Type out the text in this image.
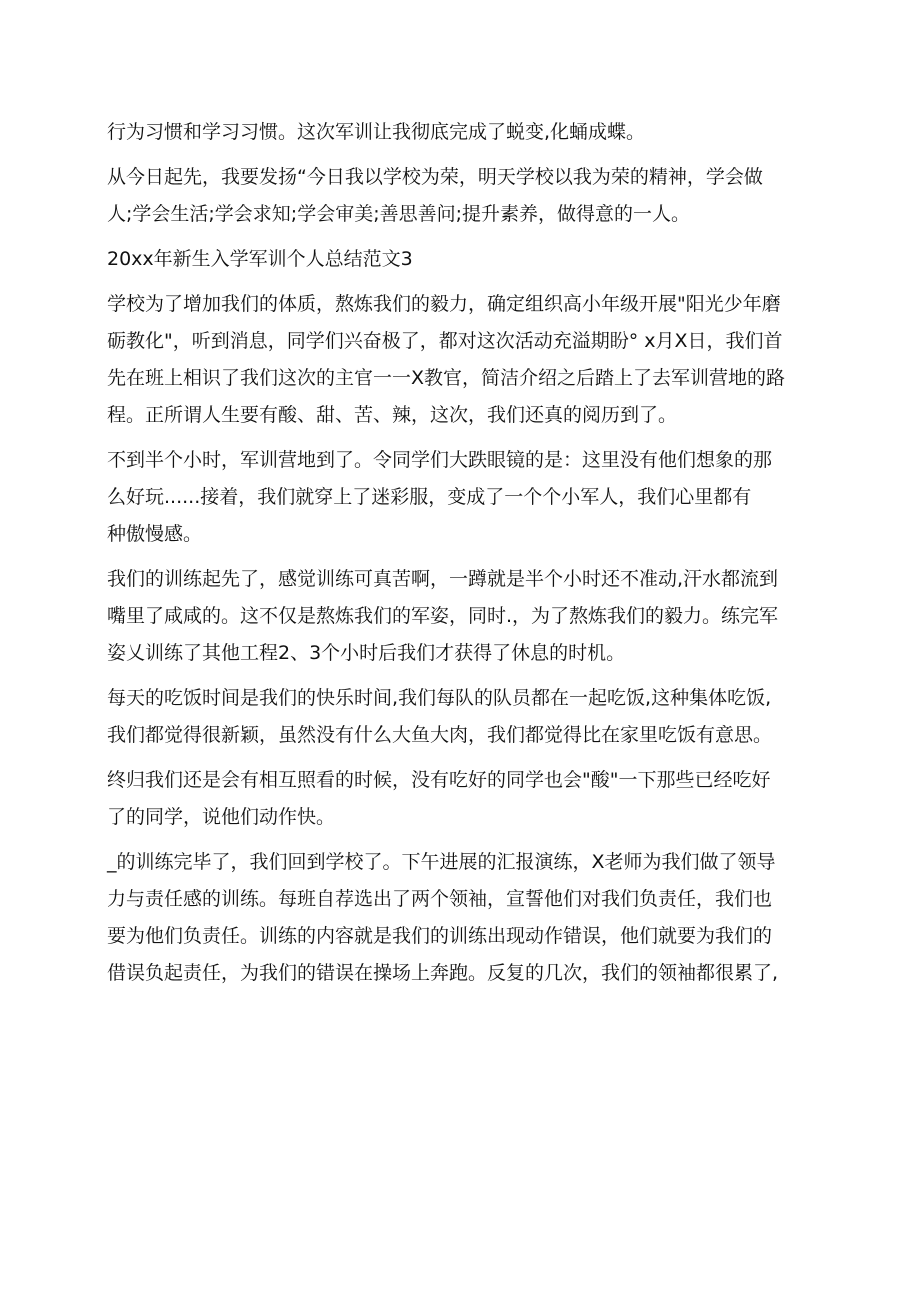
行为习惯和学习习惯。这次军训让我彻底完成了蜕变,化蛹成蝶。
从今日起先，我要发扬“今日我以学校为荣，明天学校以我为荣的精神，学会做
人;学会生活;学会求知;学会审美;善思善问;提升素养，做得意的一人。
20xx年新生入学军训个人总结范文3
学校为了增加我们的体质，熬炼我们的毅力，确定组织高小年级开展"阳光少年磨
砺教化"，听到消息，同学们兴奋极了，都对这次活动充溢期盼° x月X日，我们首
先在班上相识了我们这次的主官一一X教官，简洁介绍之后踏上了去军训营地的路
程。正所谓人生要有酸、甜、苦、辣，这次，我们还真的阅历到了。
不到半个小时，军训营地到了。令同学们大跌眼镜的是：这里没有他们想象的那
么好玩......接着，我们就穿上了迷彩服，变成了一个个小军人，我们心里都有
种傲慢感。
我们的训练起先了，感觉训练可真苦啊，一蹲就是半个小时还不准动,汗水都流到
嘴里了咸咸的。这不仅是熬炼我们的军姿，同时.，为了熬炼我们的毅力。练完军
姿乂训练了其他工程2、3个小时后我们才获得了休息的时机。
每天的吃饭时间是我们的快乐时间,我们每队的队员都在一起吃饭,这种集体吃饭,
我们都觉得很新颖，虽然没有什么大鱼大肉，我们都觉得比在家里吃饭有意思。
终归我们还是会有相互照看的时候，没有吃好的同学也会"酸"一下那些已经吃好
了的同学，说他们动作快。
_的训练完毕了，我们回到学校了。下午进展的汇报演练，X老师为我们做了领导
力与责任感的训练。每班自荐选出了两个领袖，宣誓他们对我们负责任，我们也
要为他们负责任。训练的内容就是我们的训练出现动作错误，他们就要为我们的
借误负起责任，为我们的错误在操场上奔跑。反复的几次，我们的领袖都很累了,
